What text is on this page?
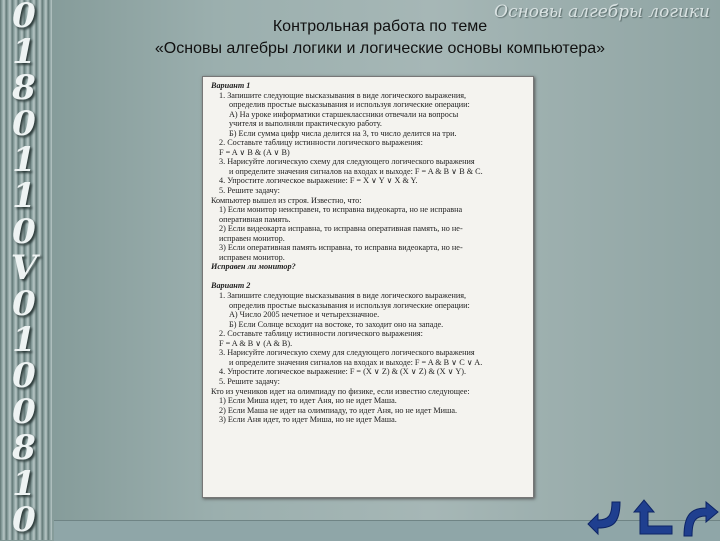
0
1
8
0
1
1
0
V
0
1
0
0
8
1
0
Основы алгебры логики
Контрольная работа по теме
«Основы алгебры логики и логические основы компьютера»
Вариант 1
1. Запишите следующие высказывания в виде логического выражения,
определив простые высказывания и используя логические операции:
А) На уроке информатики старшеклассники отвечали на вопросы
учителя и выполняли практическую работу.
Б) Если сумма цифр числа делится на 3, то число делится на три.
2. Составьте таблицу истинности логического выражения:
F = A ∨ B & (A ∨ B)
3. Нарисуйте логическую схему для следующего логического выражения
и определите значения сигналов на входах и выходе: F = A & B ∨ B & C.
4. Упростите логическое выражение: F = X ∨ Y ∨ X & Y.
5. Решите задачу:
Компьютер вышел из строя. Известно, что:
1) Если монитор неисправен, то исправна видеокарта, но не исправна
оперативная память.
2) Если видеокарта исправна, то исправна оперативная память, но не-
исправен монитор.
3) Если оперативная память исправна, то исправна видеокарта, но не-
исправен монитор.
Исправен ли монитор?

Вариант 2
1. Запишите следующие высказывания в виде логического выражения,
определив простые высказывания и используя логические операции:
А) Число 2005 нечетное и четырехзначное.
Б) Если Солнце всходит на востоке, то заходит оно на западе.
2. Составьте таблицу истинности логического выражения:
F = A & B ∨ (A & B).
3. Нарисуйте логическую схему для следующего логического выражения
и определите значения сигналов на входах и выходе: F = A & B ∨ C ∨ A.
4. Упростите логическое выражение: F = (X ∨ Z) & (X ∨ Z) & (X ∨ Y).
5. Решите задачу:
Кто из учеников идет на олимпиаду по физике, если известно следующее:
1) Если Миша идет, то идет Аня, но не идет Маша.
2) Если Маша не идет на олимпиаду, то идет Аня, но не идет Миша.
3) Если Аня идет, то идет Миша, но не идет Маша.
